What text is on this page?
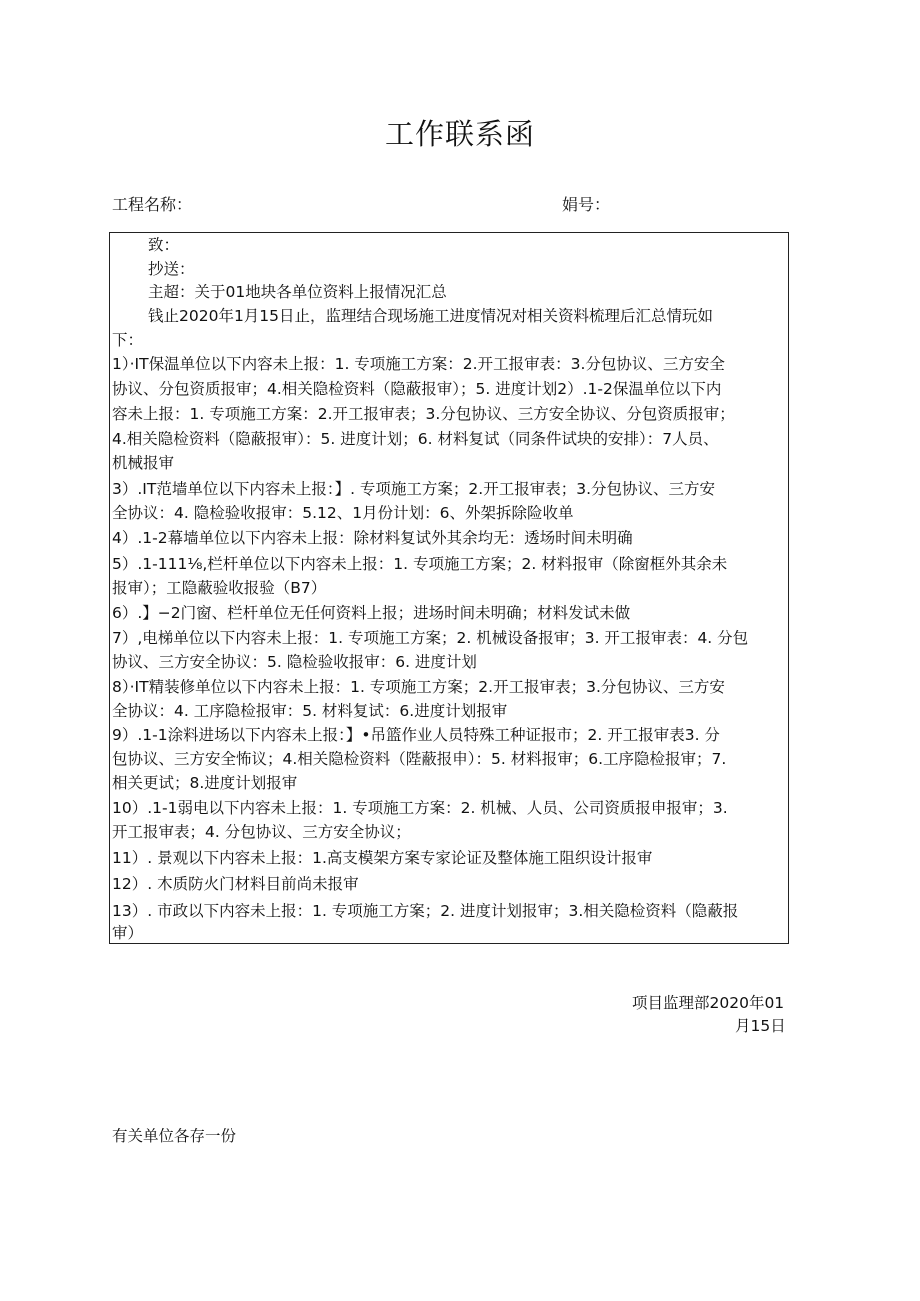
工作联系函
工程名称：	娟号：
致：
抄送：
主超：关于01地块各单位资料上报情况汇总
钱止2020年1月15日止，监理结合现场施工进度情况对相关资料梳理后汇总情玩如
下：
1）·IT保温单位以下内容未上报：1. 专项施工方案：2.开工报审表：3.分包协议、三方安全
协议、分包资质报审；4.相关隐检资料（隐蔽报审）；5. 进度计划2）.1-2保温单位以下内
容未上报：1. 专项施工方案：2.开工报审表；3.分包协议、三方安全协议、分包资质报审；
4.相关隐检资料（隐蔽报审）：5. 进度计划；6. 材料复试（同条件试块的安排）：7人员、
机械报审
3）.IT范墙单位以下内容未上报：】. 专项施工方案；2.开工报审表；3.分包协议、三方安
全协议：4. 隐检验收报审：5.12、1月份计划：6、外架拆除险收单
4）.1-2幕墙单位以下内容未上报：除材料复试外其余均无：透场时间未明确
5）.1-111⅛,栏杆单位以下内容未上报：1. 专项施工方案；2. 材料报审（除窗框外其余未
报审）；工隐蔽验收报验（B7）
6）.】−2门窗、栏杆单位无任何资料上报；进场时间未明确；材料发试未做
7）,电梯单位以下内容未上报：1. 专项施工方案；2. 机械设备报审；3. 开工报审表：4. 分包
协议、三方安全协议：5. 隐检验收报审：6. 进度计划
8）·IT精装修单位以下内容未上报：1. 专项施工方案；2.开工报审表；3.分包协议、三方安
全协议：4. 工序隐检报审：5. 材料复试：6.进度计划报审
9）.1-1涂料进场以下内容未上报：】•吊篮作业人员特殊工种证报市；2. 开工报审表3. 分
包协议、三方安全怖议；4.相关隐检资料（陛蔽报申）：5. 材料报审；6.工序隐检报审；7.
相关更试；8.进度计划报审
10）.1-1弱电以下内容未上报：1. 专项施工方案：2. 机械、人员、公司资质报申报审；3.
开工报审表；4. 分包协议、三方安全协议；
11）. 景观以下内容未上报：1.高支模架方案专家论证及整体施工阻织设计报审
12）. 木质防火门材料目前尚未报审
13）. 市政以下内容未上报：1. 专项施工方案；2. 进度计划报审；3.相关隐检资料（隐蔽报
审）
项目监理部2020年01
月15日
有关单位各存一份
